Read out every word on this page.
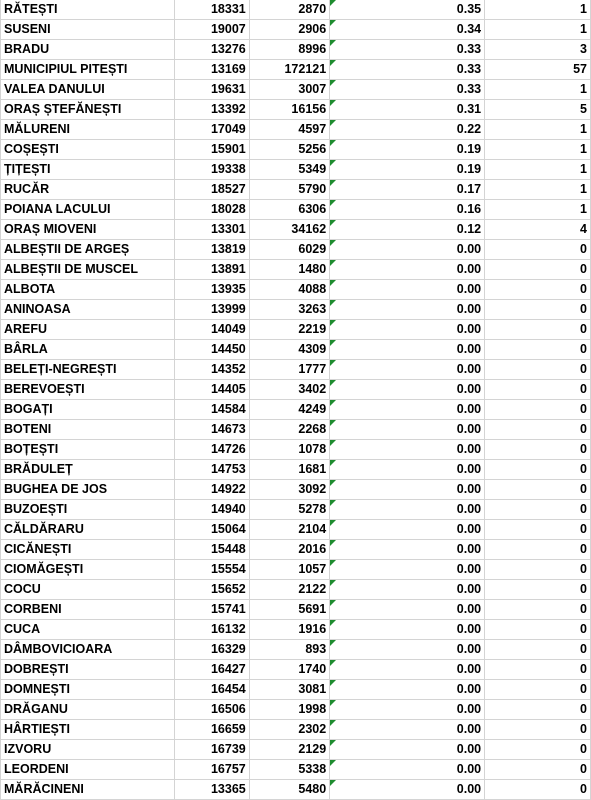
RĂTEȘTI	18331	2870	0.35	1
SUSENI	19007	2906	0.34	1
BRADU	13276	8996	0.33	3
MUNICIPIUL PITEȘTI	13169	172121	0.33	57
VALEA DANULUI	19631	3007	0.33	1
ORAȘ ȘTEFĂNEȘTI	13392	16156	0.31	5
MĂLURENI	17049	4597	0.22	1
COȘEȘTI	15901	5256	0.19	1
ȚIȚEȘTI	19338	5349	0.19	1
RUCĂR	18527	5790	0.17	1
POIANA LACULUI	18028	6306	0.16	1
ORAȘ MIOVENI	13301	34162	0.12	4
ALBEȘTII DE ARGEȘ	13819	6029	0.00	0
ALBEȘTII DE MUSCEL	13891	1480	0.00	0
ALBOTA	13935	4088	0.00	0
ANINOASA	13999	3263	0.00	0
AREFU	14049	2219	0.00	0
BÂRLA	14450	4309	0.00	0
BELEȚI-NEGREȘTI	14352	1777	0.00	0
BEREVOEȘTI	14405	3402	0.00	0
BOGAȚI	14584	4249	0.00	0
BOTENI	14673	2268	0.00	0
BOȚEȘTI	14726	1078	0.00	0
BRĂDULEȚ	14753	1681	0.00	0
BUGHEA DE JOS	14922	3092	0.00	0
BUZOEȘTI	14940	5278	0.00	0
CĂLDĂRARU	15064	2104	0.00	0
CICĂNEȘTI	15448	2016	0.00	0
CIOMĂGEȘTI	15554	1057	0.00	0
COCU	15652	2122	0.00	0
CORBENI	15741	5691	0.00	0
CUCA	16132	1916	0.00	0
DÂMBOVICIOARA	16329	893	0.00	0
DOBREȘTI	16427	1740	0.00	0
DOMNEȘTI	16454	3081	0.00	0
DRĂGANU	16506	1998	0.00	0
HÂRTIEȘTI	16659	2302	0.00	0
IZVORU	16739	2129	0.00	0
LEORDENI	16757	5338	0.00	0
MĂRĂCINENI	13365	5480	0.00	0
